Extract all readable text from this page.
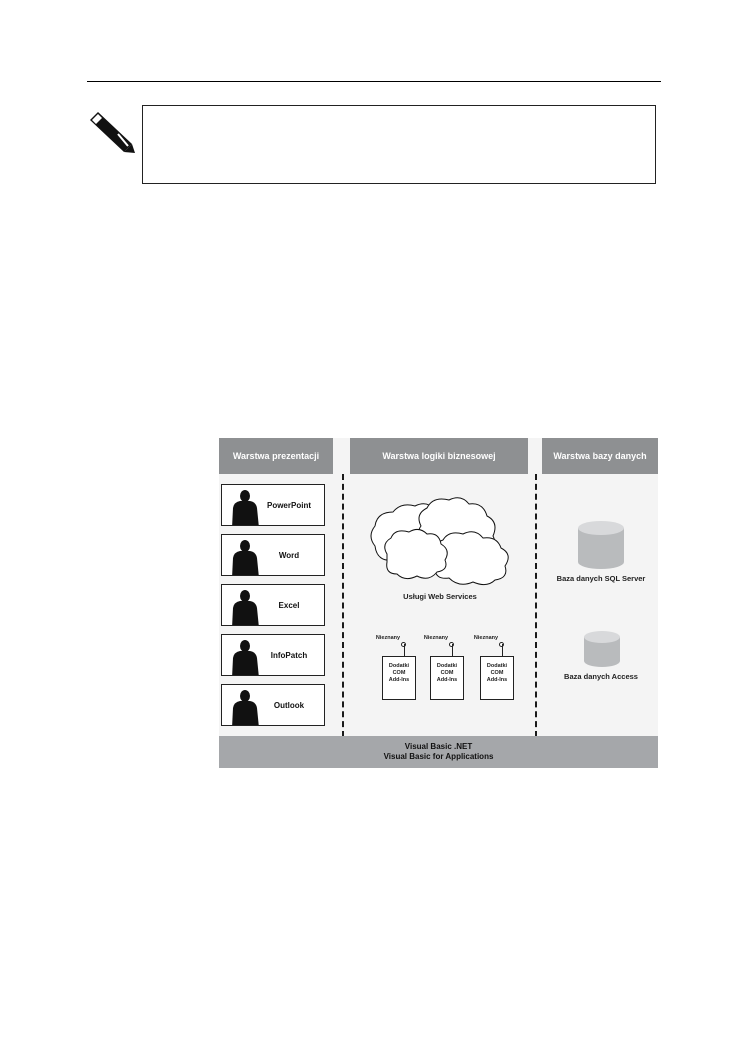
Warstwa prezentacji	Warstwa logiki biznesowej	Warstwa bazy danych
PowerPoint
Word
Excel
InfoPatch
Outlook
Usługi Web Services
Nieznany
Dodatki
COM
Add-Ins
Nieznany
Dodatki
COM
Add-Ins
Nieznany
Dodatki
COM
Add-Ins
Baza danych SQL Server
Baza danych Access
Visual Basic .NET
Visual Basic for Applications
